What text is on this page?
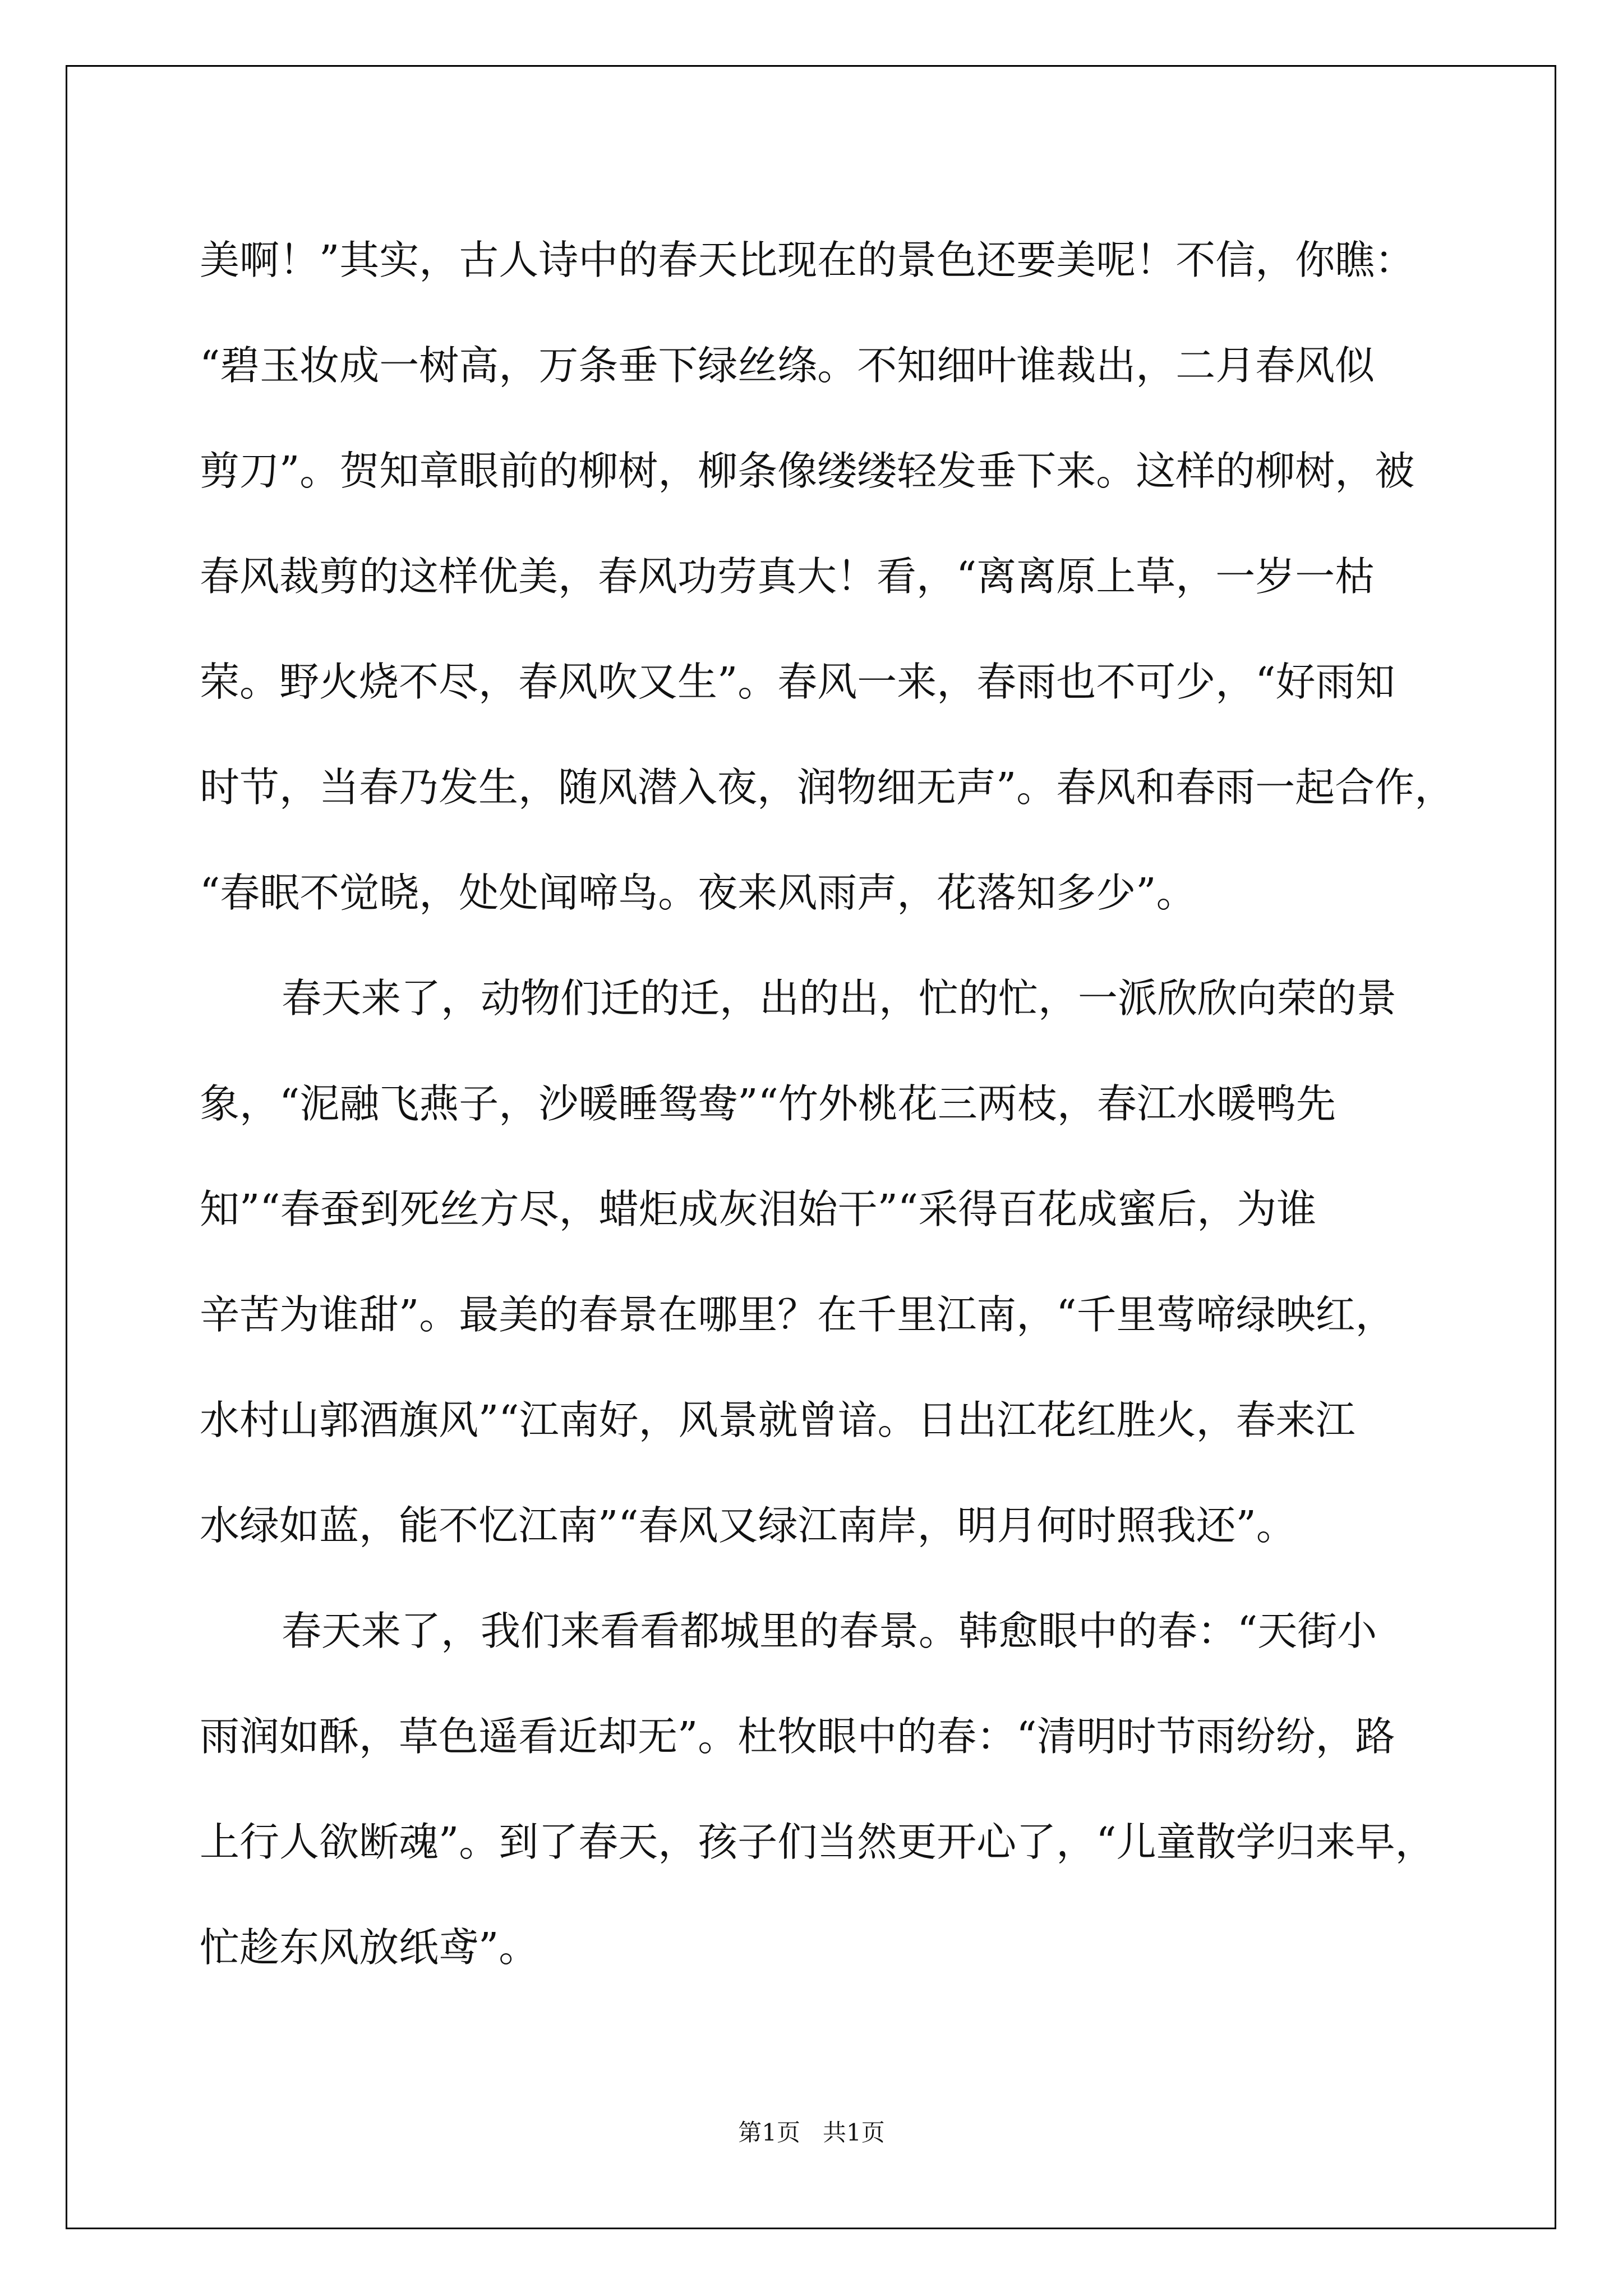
美啊！”其实，古人诗中的春天比现在的景色还要美呢！不信，你瞧：
“碧玉妆成一树高，万条垂下绿丝绦。不知细叶谁裁出，二月春风似
剪刀”。贺知章眼前的柳树，柳条像缕缕轻发垂下来。这样的柳树，被
春风裁剪的这样优美，春风功劳真大！看，“离离原上草，一岁一枯
荣。野火烧不尽，春风吹又生”。春风一来，春雨也不可少，“好雨知
时节，当春乃发生，随风潜入夜，润物细无声”。春风和春雨一起合作，
“春眠不觉晓，处处闻啼鸟。夜来风雨声，花落知多少”。
春天来了，动物们迁的迁，出的出，忙的忙，一派欣欣向荣的景
象，“泥融飞燕子，沙暖睡鸳鸯”“竹外桃花三两枝，春江水暖鸭先
知”“春蚕到死丝方尽，蜡炬成灰泪始干”“采得百花成蜜后，为谁
辛苦为谁甜”。最美的春景在哪里？在千里江南，“千里莺啼绿映红，
水村山郭酒旗风”“江南好，风景就曾谙。日出江花红胜火，春来江
水绿如蓝，能不忆江南”“春风又绿江南岸，明月何时照我还”。
春天来了，我们来看看都城里的春景。韩愈眼中的春：“天街小
雨润如酥，草色遥看近却无”。杜牧眼中的春：“清明时节雨纷纷，路
上行人欲断魂”。到了春天，孩子们当然更开心了，“儿童散学归来早，
忙趁东风放纸鸢”。
第1页 共1页
